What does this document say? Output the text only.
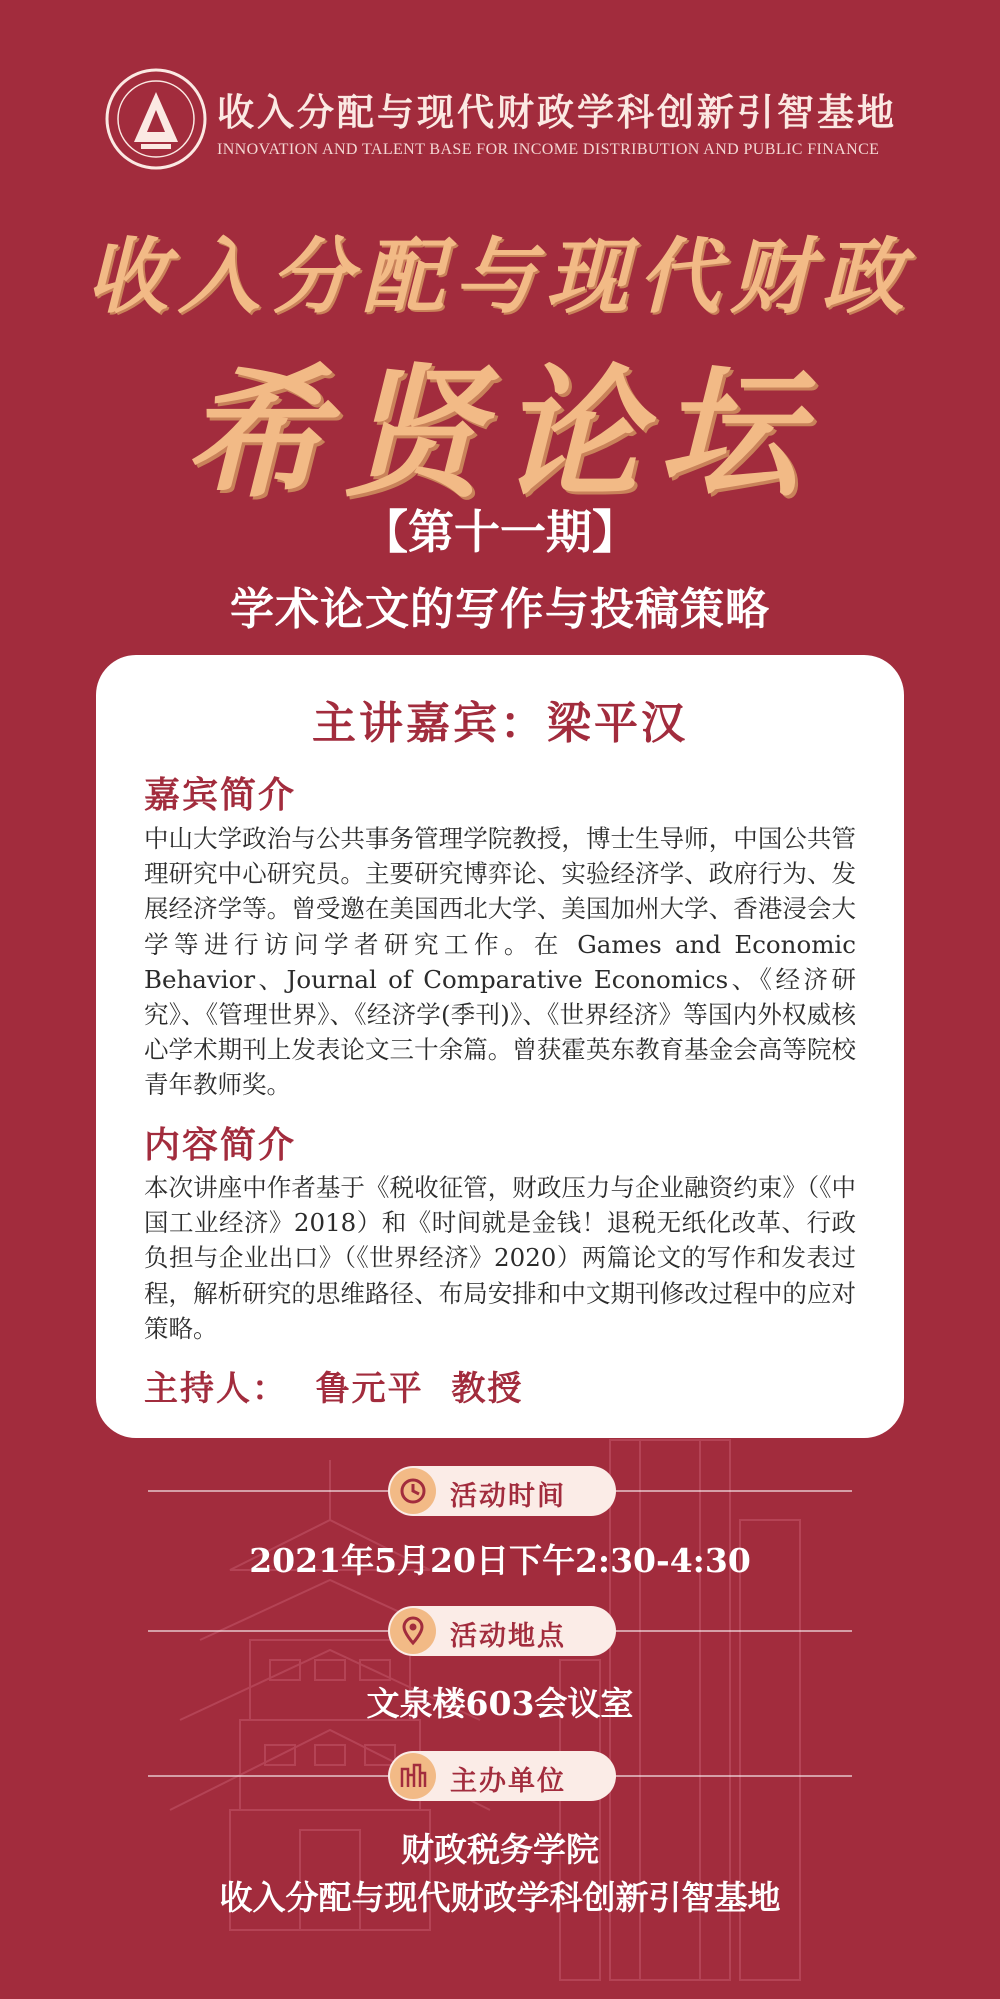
收入分配与现代财政学科创新引智基地
INNOVATION AND TALENT BASE FOR INCOME DISTRIBUTION AND PUBLIC FINANCE
收入分配与现代财政
希贤论坛
【第十一期】
学术论文的写作与投稿策略
主讲嘉宾：梁平汉
嘉宾简介
中山大学政治与公共事务管理学院教授，博士生导师，中国公共管理研究中心研究员。主要研究博弈论、实验经济学、政府行为、发展经济学等。曾受邀在美国西北大学、美国加州大学、香港浸会大学等进行访问学者研究工作。在 Games and Economic Behavior、Journal of Comparative Economics、《经济研究》、《管理世界》、《经济学(季刊)》、《世界经济》等国内外权威核心学术期刊上发表论文三十余篇。曾获霍英东教育基金会高等院校青年教师奖。
内容简介
本次讲座中作者基于《税收征管，财政压力与企业融资约束》（《中国工业经济》2018）和《时间就是金钱！退税无纸化改革、行政负担与企业出口》（《世界经济》2020）两篇论文的写作和发表过程，解析研究的思维路径、布局安排和中文期刊修改过程中的应对策略。
主持人：  鲁元平  教授
活动时间
2021年5月20日下午2:30-4:30
活动地点
文泉楼603会议室
主办单位
财政税务学院
收入分配与现代财政学科创新引智基地
